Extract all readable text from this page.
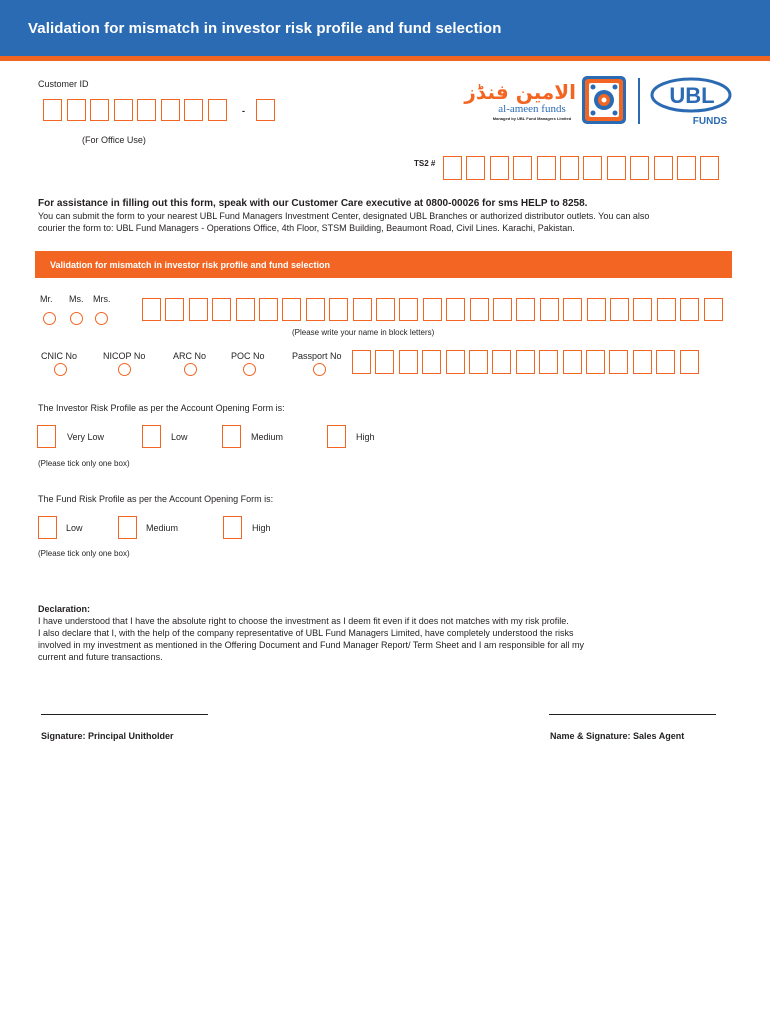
Validation for mismatch in investor risk profile and fund selection
الامین فنڈز
al-ameen funds
Managed by UBL Fund Managers Limited
UBL
FUNDS
Customer ID
-
(For Office Use)
TS2 #
For assistance in filling out this form, speak with our Customer Care executive at 0800-00026 for sms HELP to 8258.
You can submit the form to your nearest UBL Fund Managers Investment Center, designated UBL Branches or authorized distributor outlets. You can also
courier the form to: UBL Fund Managers - Operations Office, 4th Floor, STSM Building, Beaumont Road, Civil Lines. Karachi, Pakistan.
Validation for mismatch in investor risk profile and fund selection
Mr. Ms. Mrs.
(Please write your name in block letters)
CNIC No	NICOP No	ARC No	POC No	Passport No
The Investor Risk Profile as per the Account Opening Form is:
Very Low	Low	Medium	High
(Please tick only one box)
The Fund Risk Profile as per the Account Opening Form is:
Low	Medium	High
(Please tick only one box)
Declaration:
I have understood that I have the absolute right to choose the investment as I deem fit even if it does not matches with my risk profile.
I also declare that I, with the help of the company representative of UBL Fund Managers Limited, have completely understood the risks
involved in my investment as mentioned in the Offering Document and Fund Manager Report/ Term Sheet and I am responsible for all my
current and future transactions.
Signature: Principal Unitholder	Name & Signature: Sales Agent
